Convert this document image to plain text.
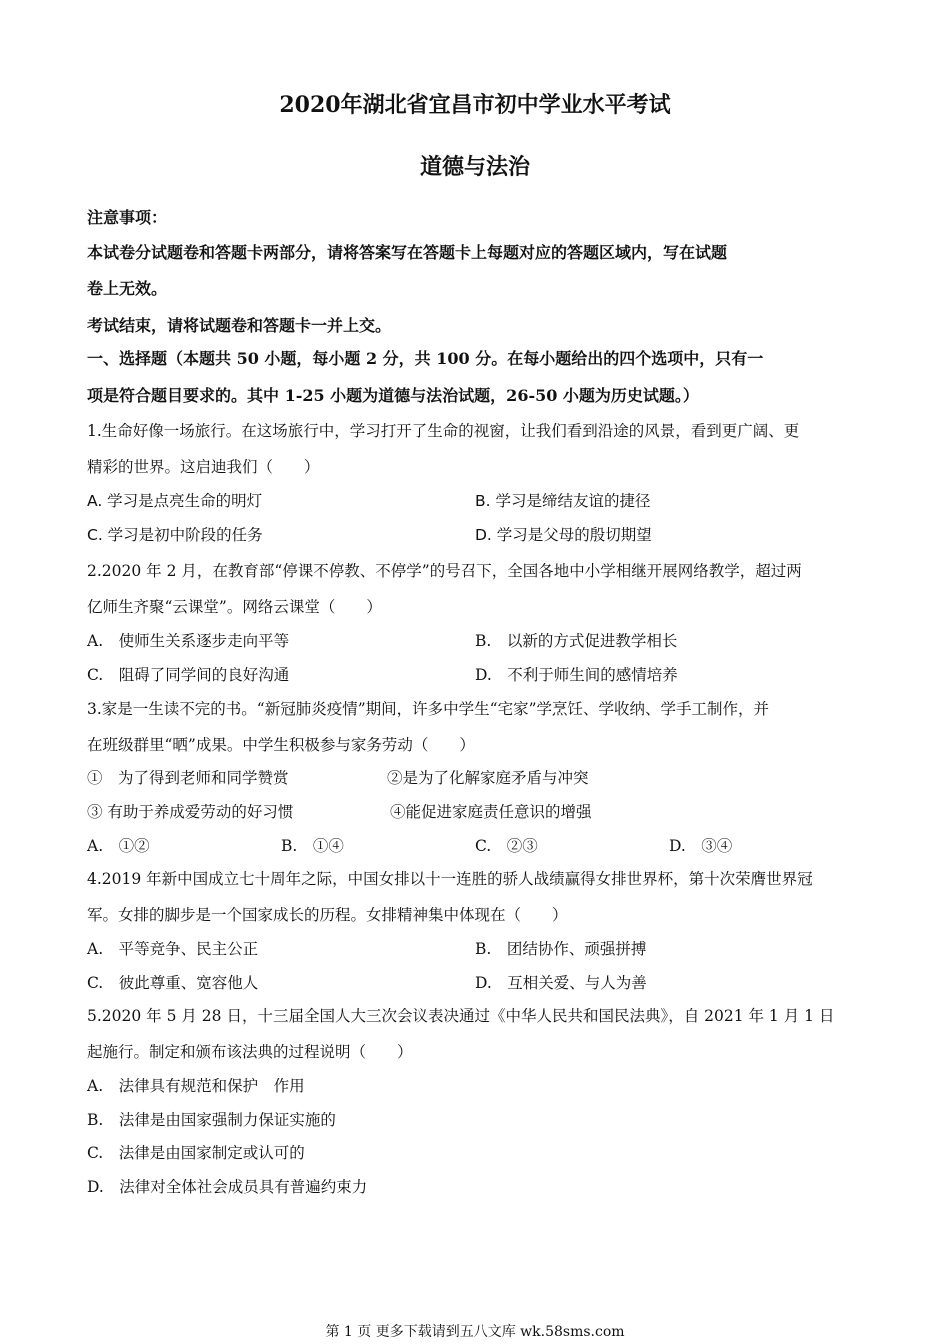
2020年湖北省宜昌市初中学业水平考试
道德与法治
注意事项：
本试卷分试题卷和答题卡两部分，请将答案写在答题卡上每题对应的答题区域内，写在试题
卷上无效。
考试结束，请将试题卷和答题卡一并上交。
一、选择题（本题共 50 小题，每小题 2 分，共 100 分。在每小题给出的四个选项中，只有一
项是符合题目要求的。其中 1-25 小题为道德与法治试题，26-50 小题为历史试题。）
1.生命好像一场旅行。在这场旅行中，学习打开了生命的视窗，让我们看到沿途的风景，看到更广阔、更
精彩的世界。这启迪我们（　　）
A. 学习是点亮生命的明灯	B. 学习是缔结友谊的捷径
C. 学习是初中阶段的任务	D. 学习是父母的殷切期望
2.2020 年 2 月，在教育部“停课不停教、不停学”的号召下，全国各地中小学相继开展网络教学，超过两
亿师生齐聚“云课堂”。网络云课堂（　　）
A.　使师生关系逐步走向平等	B.　以新的方式促进教学相长
C.　阻碍了同学间的良好沟通	D.　不利于师生间的感情培养
3.家是一生读不完的书。“新冠肺炎疫情”期间，许多中学生“宅家”学烹饪、学收纳、学手工制作，并
在班级群里“晒”成果。中学生积极参与家务劳动（　　）
①　为了得到老师和同学赞赏	②是为了化解家庭矛盾与冲突
③ 有助于养成爱劳动的好习惯	④能促进家庭责任意识的增强
A.　①②	B.　①④	C.　②③	D.　③④
4.2019 年新中国成立七十周年之际，中国女排以十一连胜的骄人战绩赢得女排世界杯，第十次荣膺世界冠
军。女排的脚步是一个国家成长的历程。女排精神集中体现在（　　）
A.　平等竞争、民主公正	B.　团结协作、顽强拼搏
C.　彼此尊重、宽容他人	D.　互相关爱、与人为善
5.2020 年 5 月 28 日，十三届全国人大三次会议表决通过《中华人民共和国民法典》，自 2021 年 1 月 1 日
起施行。制定和颁布该法典的过程说明（　　）
A.　法律具有规范和保护　作用
B.　法律是由国家强制力保证实施的
C.　法律是由国家制定或认可的
D.　法律对全体社会成员具有普遍约束力
第 1 页 更多下载请到五八文库 wk.58sms.com
